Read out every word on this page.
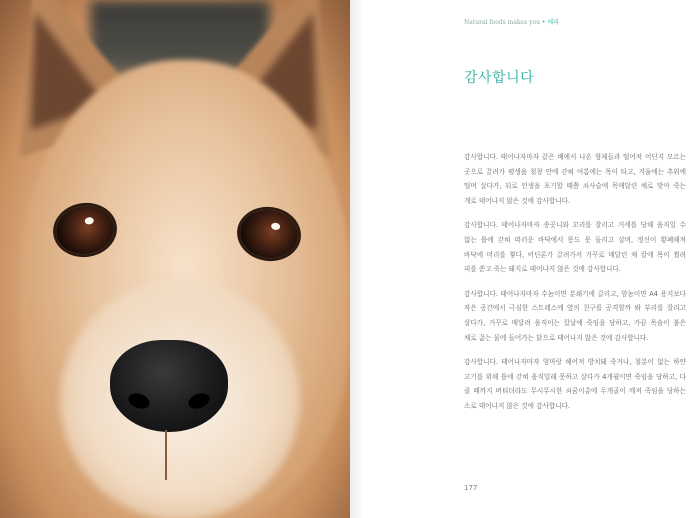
Natural foods makes you • 해피
감사합니다

감사합니다. 태어나자마자 같은 배에서 나온 형제들과 떨어져 어딘지 모르는 곳으로 끌려가 평생을 철창 안에 갇혀 여름에는 목이 타고, 겨울에는 추위에 떨며 살다가, 뒤로 인생을 포기할 때쯤 쇠사슬에 목매달린 채로 맞아 죽는 개로 태어나지 않은 것에 감사합니다.

감사합니다. 태어나자마자 송곳니와 꼬리를 잘리고 거세를 당해 움직일 수 없는 틀에 갇혀 떠러운 바닥에서 똥도 못 돌리고 살며, 정신이 황폐해져 바닥에 머리를 찧다, 어딘론가 끌려가서 거꾸로 매달린 채 칼에 목이 찔려 피를 쏟고 죽는 돼지로 태어나지 않은 것에 감사합니다.

감사합니다. 태어나자마자 수놈이면 분쇄기에 갈리고, 암놈이면 A4 용지보다 작은 공간에서 극심한 스트레스에 옆의 친구를 공격할까 봐 부리를 잘리고 살다가, 거꾸로 매달려 움직이는 칼날에 죽임을 당하고, 가끔 목숨이 붙은 채로 끓는 물에 들어가는 닭으로 태어나지 않은 것에 감사합니다.

감사합니다. 태어나자마자 엄마랑 헤어져 방치돼 죽거나, 철분이 없는 하얀 고기를 위해 틀에 갇혀 움직일래 못하고 살다가 4개월이면 죽임을 당하고, 다 클 때까지 버티더라도 무시무시한 쇠꿈이총에 두개골이 깨져 죽임을 당하는 소로 태어나지 않은 것에 감사합니다.

177
